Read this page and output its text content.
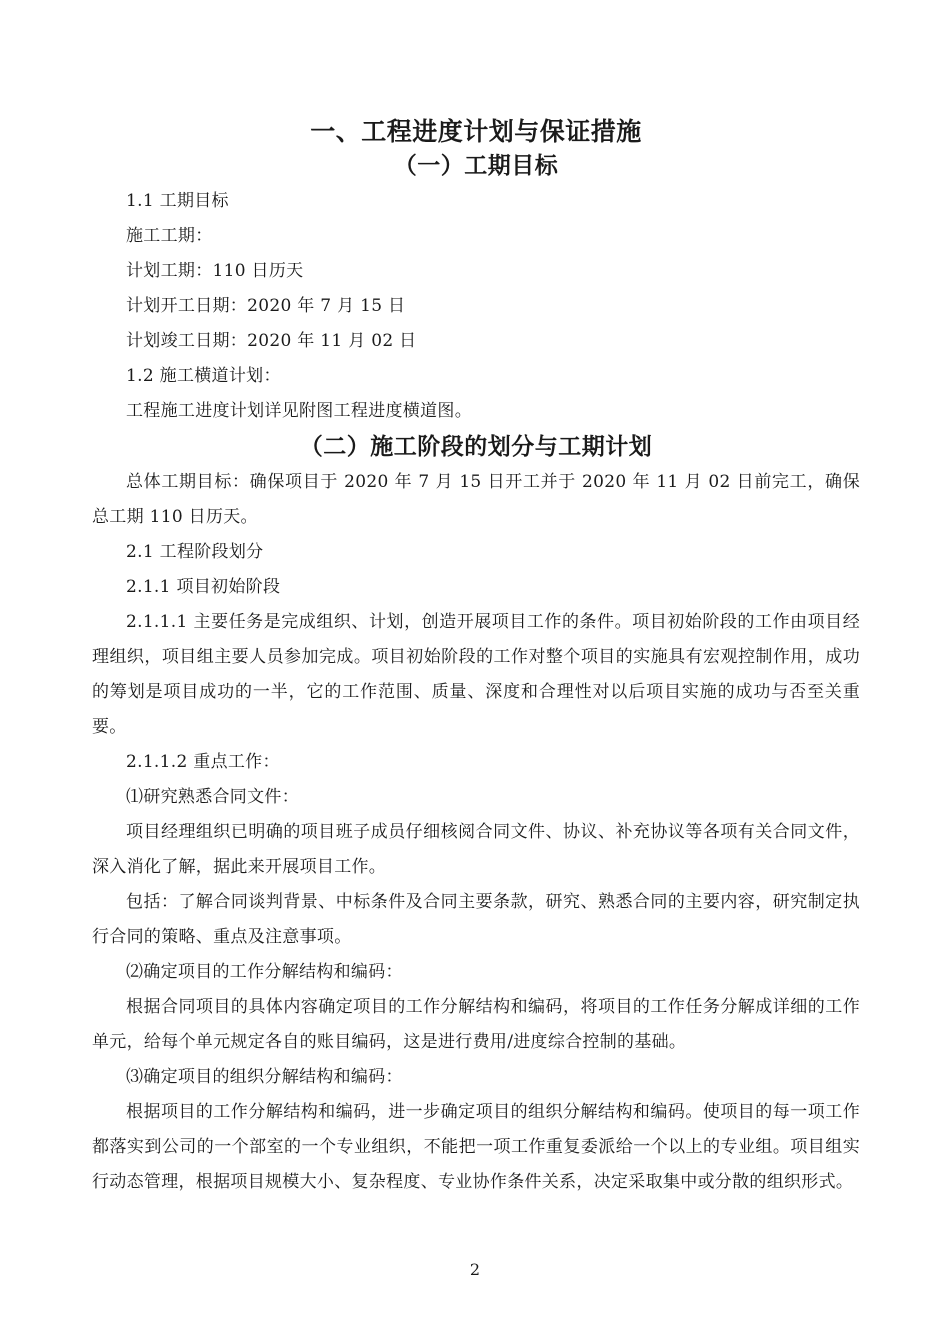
一、工程进度计划与保证措施
（一）工期目标

1.1 工期目标

施工工期：

计划工期：110 日历天

计划开工日期：2020 年 7 月 15 日

计划竣工日期：2020 年 11 月 02 日

1.2 施工横道计划：

工程施工进度计划详见附图工程进度横道图。

（二）施工阶段的划分与工期计划

总体工期目标：确保项目于 2020 年 7 月 15 日开工并于 2020 年 11 月 02 日前完工，确保总工期 110 日历天。

2.1 工程阶段划分

2.1.1 项目初始阶段

2.1.1.1 主要任务是完成组织、计划，创造开展项目工作的条件。项目初始阶段的工作由项目经理组织，项目组主要人员参加完成。项目初始阶段的工作对整个项目的实施具有宏观控制作用，成功的筹划是项目成功的一半，它的工作范围、质量、深度和合理性对以后项目实施的成功与否至关重要。

2.1.1.2 重点工作：

⑴研究熟悉合同文件：

项目经理组织已明确的项目班子成员仔细核阅合同文件、协议、补充协议等各项有关合同文件，深入消化了解，据此来开展项目工作。

包括：了解合同谈判背景、中标条件及合同主要条款，研究、熟悉合同的主要内容，研究制定执行合同的策略、重点及注意事项。

⑵确定项目的工作分解结构和编码：

根据合同项目的具体内容确定项目的工作分解结构和编码，将项目的工作任务分解成详细的工作单元，给每个单元规定各自的账目编码，这是进行费用/进度综合控制的基础。

⑶确定项目的组织分解结构和编码：

根据项目的工作分解结构和编码，进一步确定项目的组织分解结构和编码。使项目的每一项工作都落实到公司的一个部室的一个专业组织，不能把一项工作重复委派给一个以上的专业组。项目组实行动态管理，根据项目规模大小、复杂程度、专业协作条件关系，决定采取集中或分散的组织形式。

2
